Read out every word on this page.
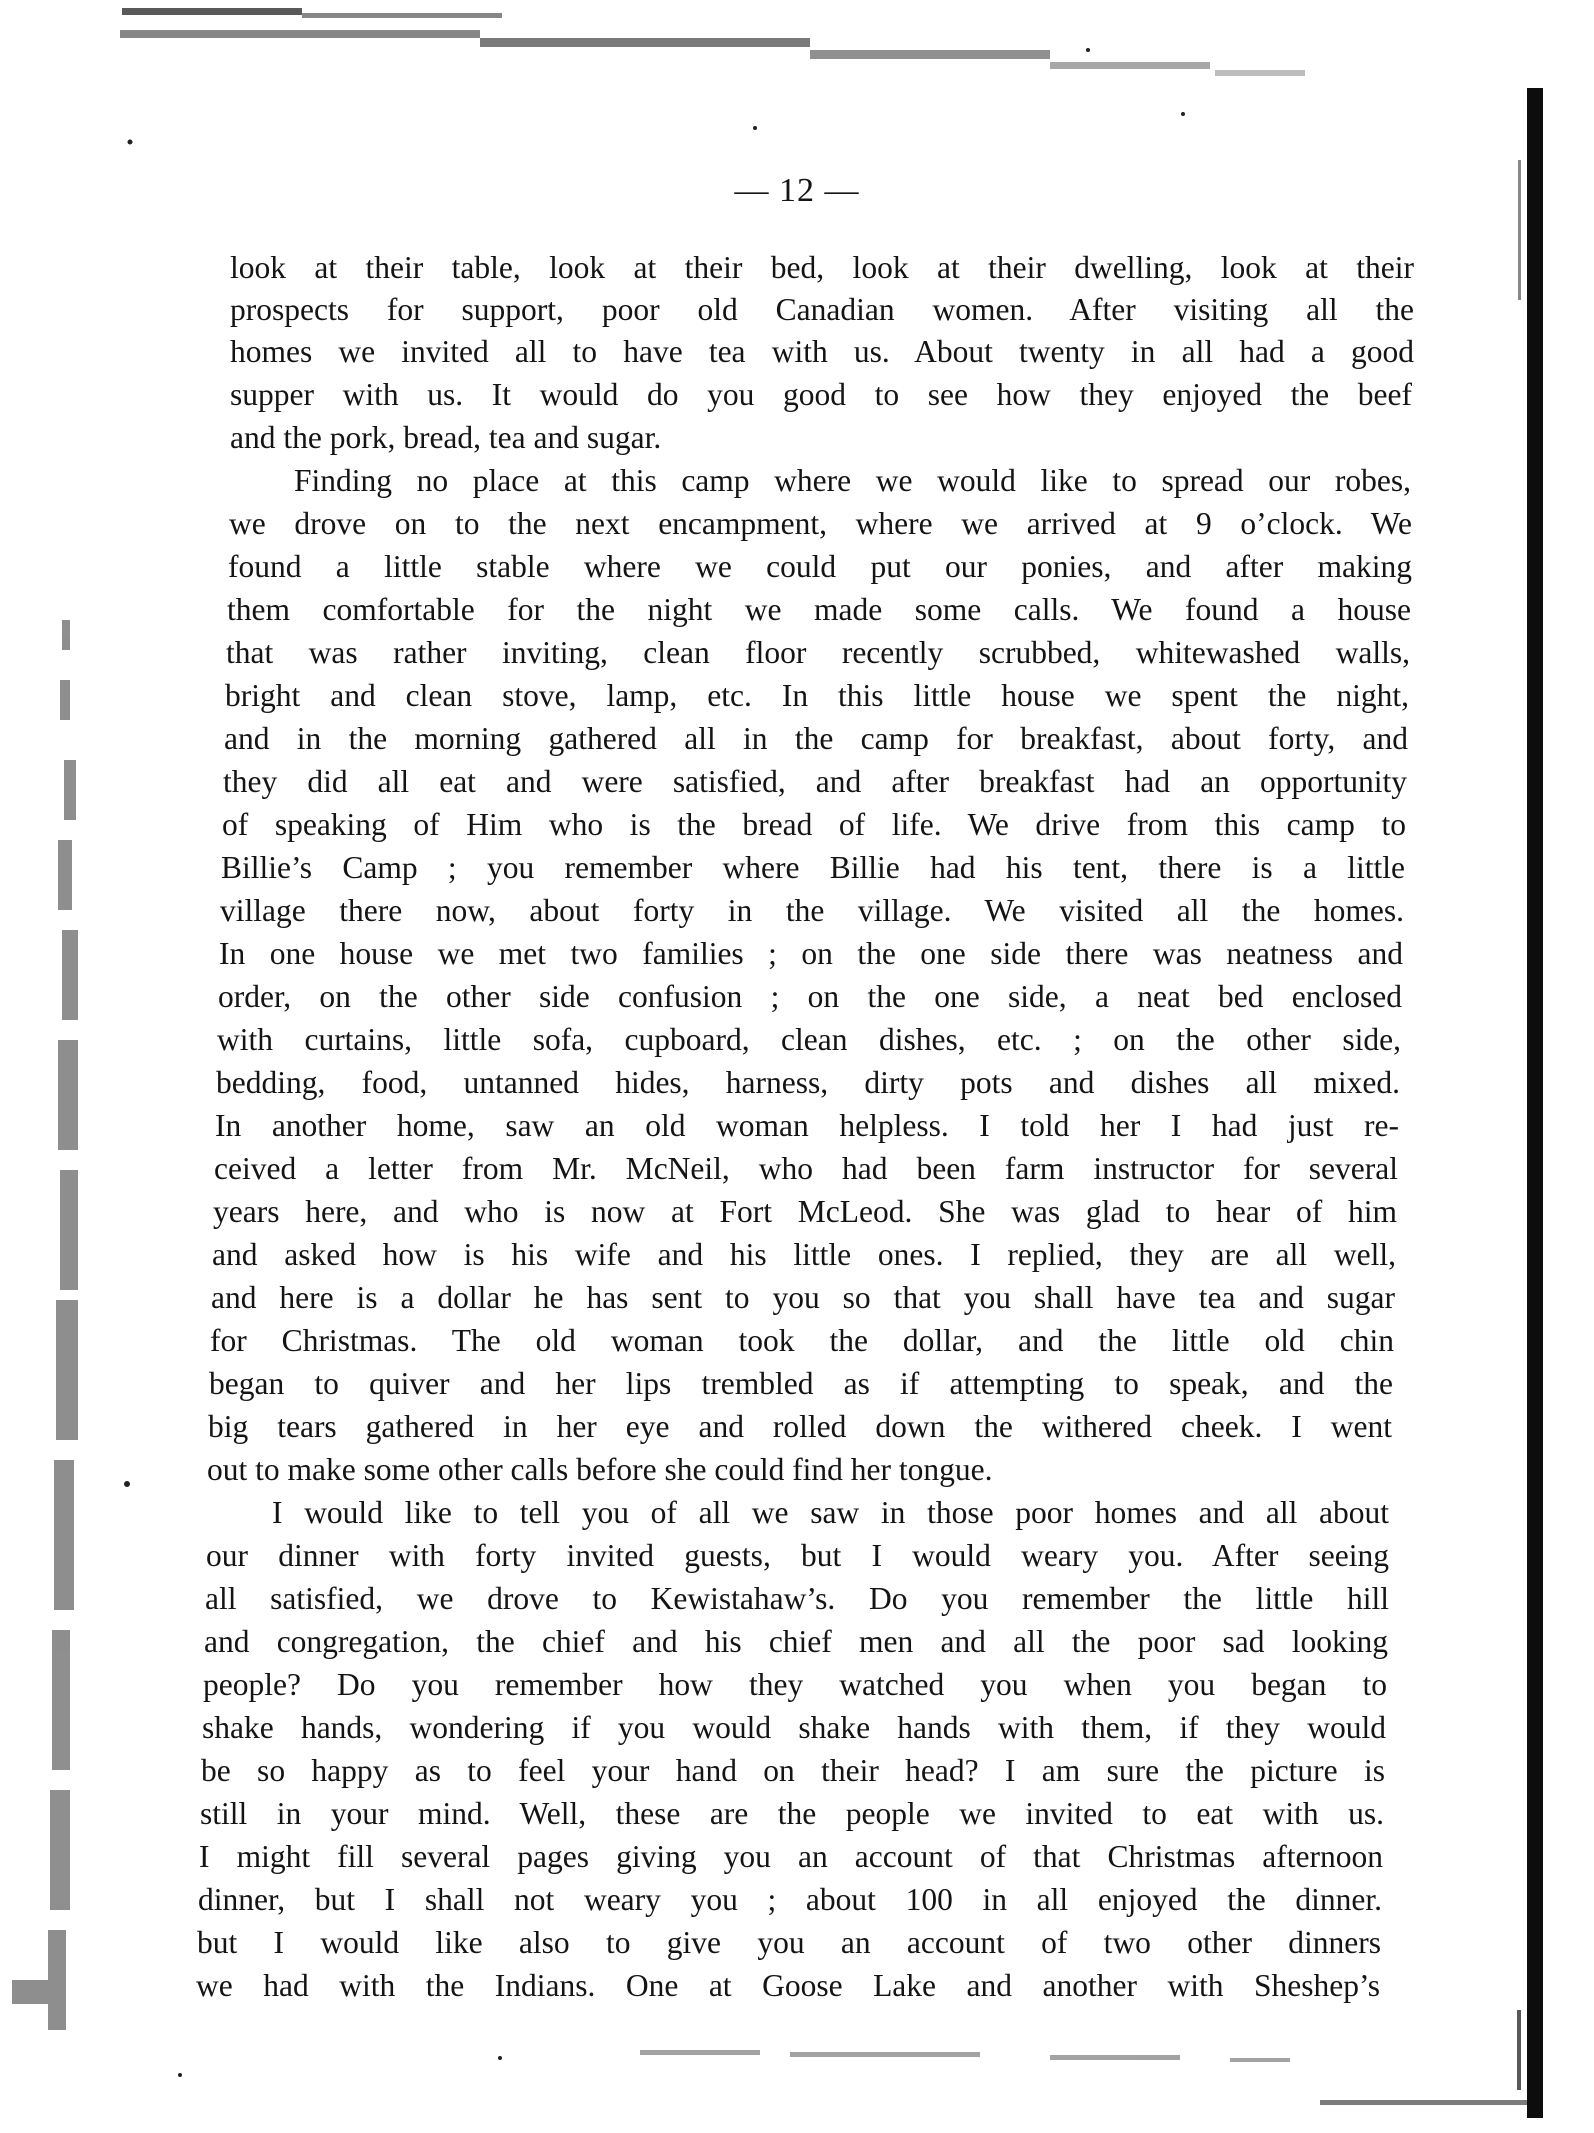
— 12 —
look at their table, look at their bed, look at their dwelling, look at their
prospects for support, poor old Canadian women. After visiting all the
homes we invited all to have tea with us. About twenty in all had a good
supper with us. It would do you good to see how they enjoyed the beef
and the pork, bread, tea and sugar.
Finding no place at this camp where we would like to spread our robes,
we drove on to the next encampment, where we arrived at 9 o’clock. We
found a little stable where we could put our ponies, and after making
them comfortable for the night we made some calls. We found a house
that was rather inviting, clean floor recently scrubbed, whitewashed walls,
bright and clean stove, lamp, etc. In this little house we spent the night,
and in the morning gathered all in the camp for breakfast, about forty, and
they did all eat and were satisfied, and after breakfast had an opportunity
of speaking of Him who is the bread of life. We drive from this camp to
Billie’s Camp ; you remember where Billie had his tent, there is a little
village there now, about forty in the village. We visited all the homes.
In one house we met two families ; on the one side there was neatness and
order, on the other side confusion ; on the one side, a neat bed enclosed
with curtains, little sofa, cupboard, clean dishes, etc. ; on the other side,
bedding, food, untanned hides, harness, dirty pots and dishes all mixed.
In another home, saw an old woman helpless. I told her I had just re-
ceived a letter from Mr. McNeil, who had been farm instructor for several
years here, and who is now at Fort McLeod. She was glad to hear of him
and asked how is his wife and his little ones. I replied, they are all well,
and here is a dollar he has sent to you so that you shall have tea and sugar
for Christmas. The old woman took the dollar, and the little old chin
began to quiver and her lips trembled as if attempting to speak, and the
big tears gathered in her eye and rolled down the withered cheek. I went
out to make some other calls before she could find her tongue.
I would like to tell you of all we saw in those poor homes and all about
our dinner with forty invited guests, but I would weary you. After seeing
all satisfied, we drove to Kewistahaw’s. Do you remember the little hill
and congregation, the chief and his chief men and all the poor sad looking
people? Do you remember how they watched you when you began to
shake hands, wondering if you would shake hands with them, if they would
be so happy as to feel your hand on their head? I am sure the picture is
still in your mind. Well, these are the people we invited to eat with us.
I might fill several pages giving you an account of that Christmas afternoon
dinner, but I shall not weary you ; about 100 in all enjoyed the dinner.
but I would like also to give you an account of two other dinners
we had with the Indians. One at Goose Lake and another with Sheshep’s
